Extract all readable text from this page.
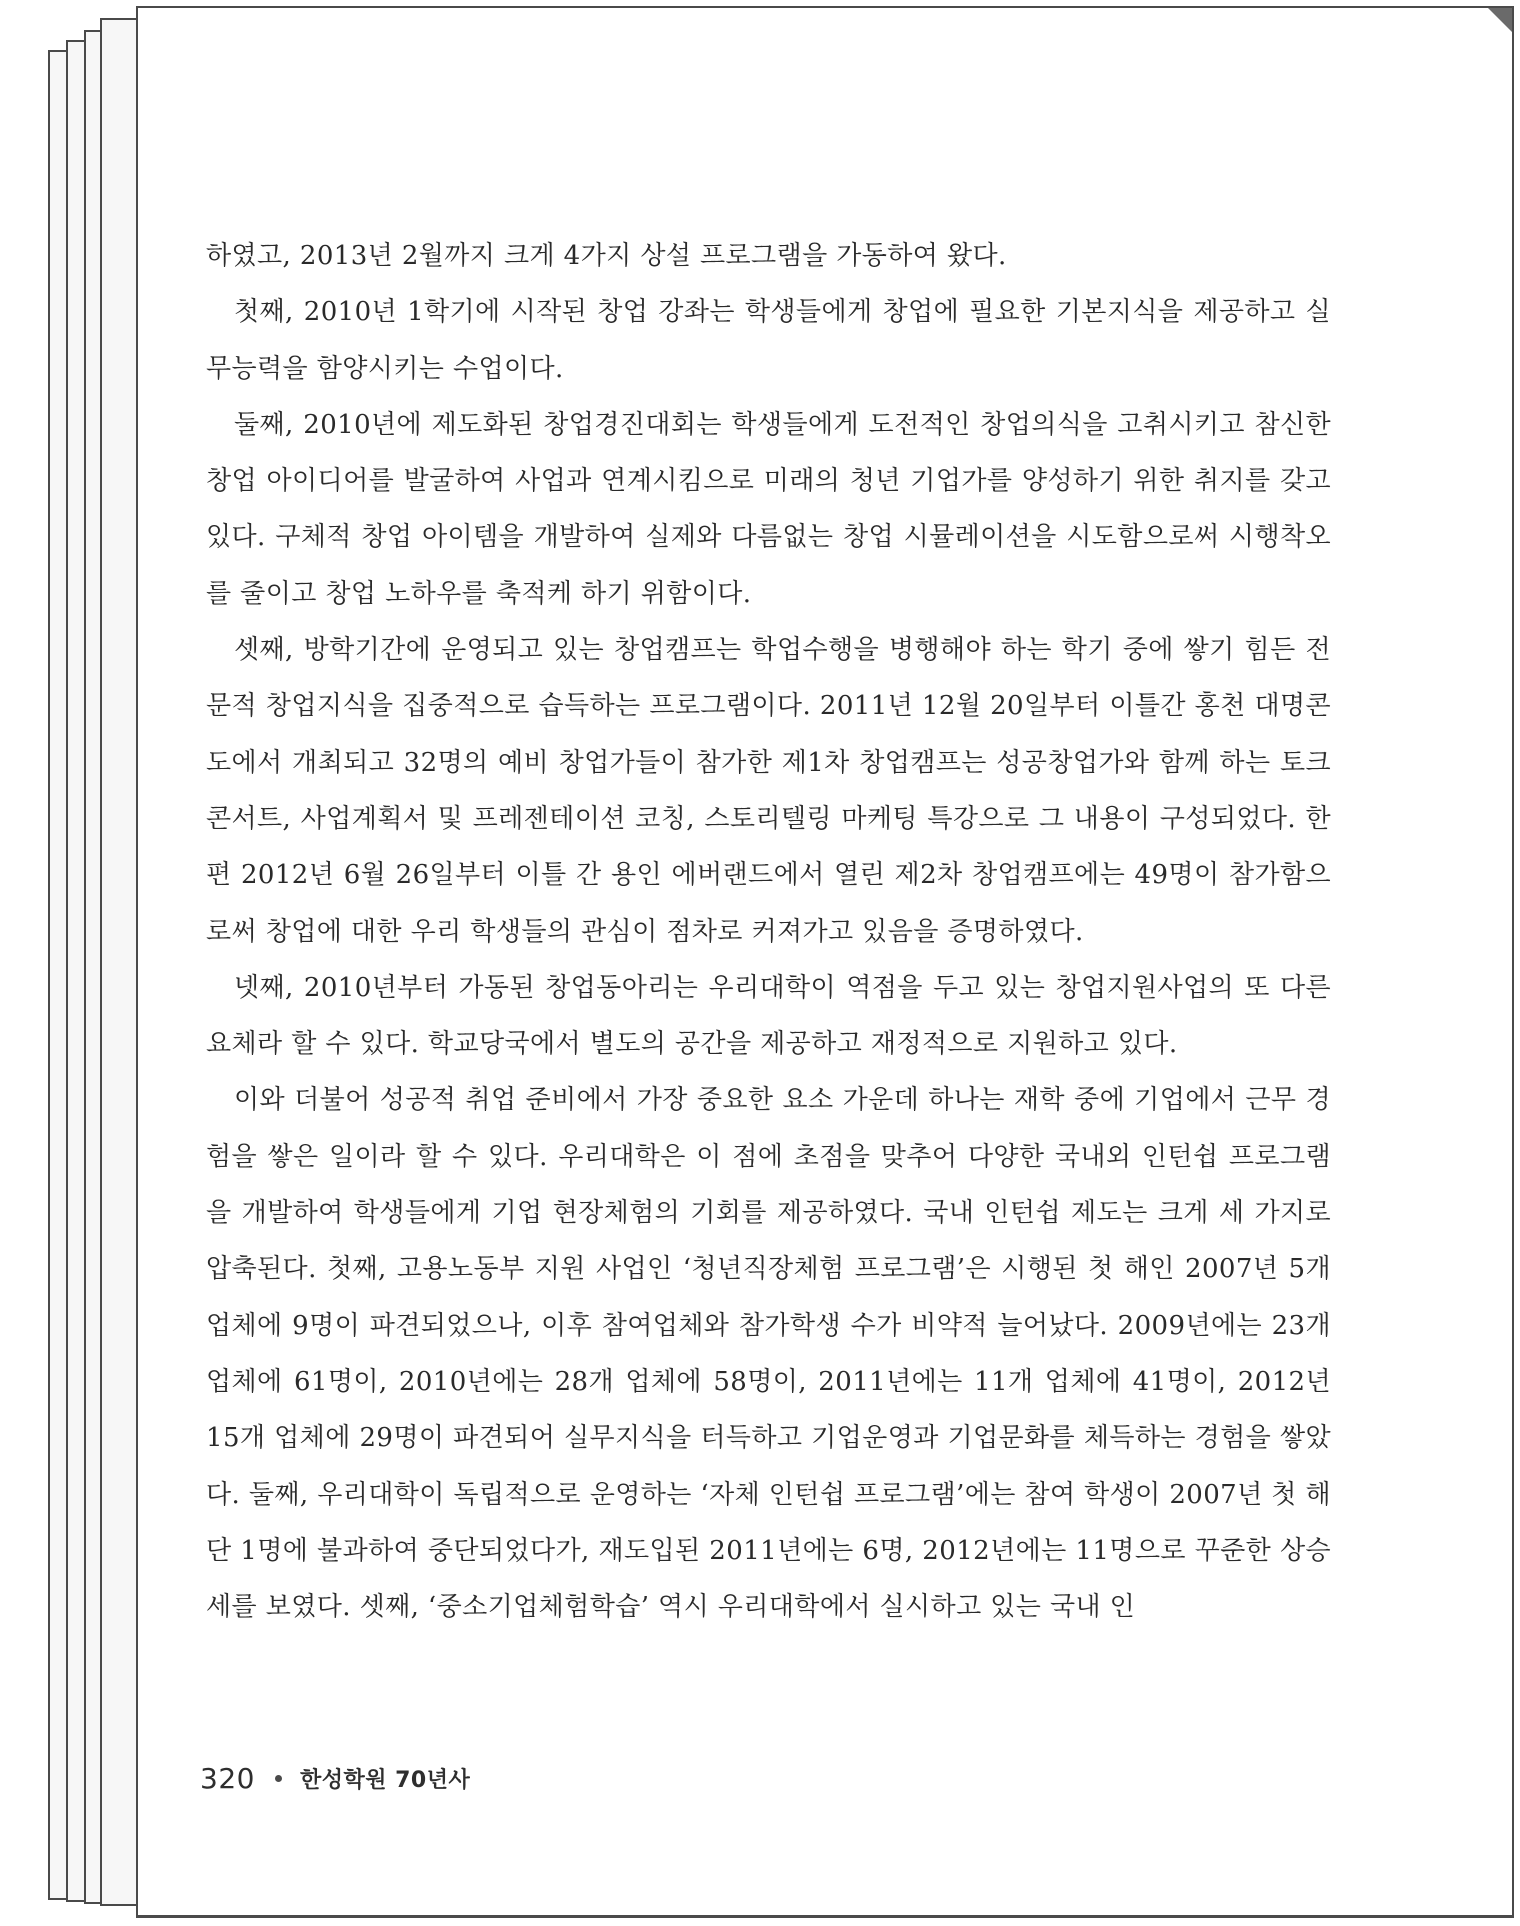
하였고, 2013년 2월까지 크게 4가지 상설 프로그램을 가동하여 왔다.

첫째, 2010년 1학기에 시작된 창업 강좌는 학생들에게 창업에 필요한 기본지식을 제공하고 실무능력을 함양시키는 수업이다.

둘째, 2010년에 제도화된 창업경진대회는 학생들에게 도전적인 창업의식을 고취시키고 참신한 창업 아이디어를 발굴하여 사업과 연계시킴으로 미래의 청년 기업가를 양성하기 위한 취지를 갖고 있다. 구체적 창업 아이템을 개발하여 실제와 다름없는 창업 시뮬레이션을 시도함으로써 시행착오를 줄이고 창업 노하우를 축적케 하기 위함이다.

셋째, 방학기간에 운영되고 있는 창업캠프는 학업수행을 병행해야 하는 학기 중에 쌓기 힘든 전문적 창업지식을 집중적으로 습득하는 프로그램이다. 2011년 12월 20일부터 이틀간 홍천 대명콘도에서 개최되고 32명의 예비 창업가들이 참가한 제1차 창업캠프는 성공창업가와 함께 하는 토크콘서트, 사업계획서 및 프레젠테이션 코칭, 스토리텔링 마케팅 특강으로 그 내용이 구성되었다. 한편 2012년 6월 26일부터 이틀 간 용인 에버랜드에서 열린 제2차 창업캠프에는 49명이 참가함으로써 창업에 대한 우리 학생들의 관심이 점차로 커져가고 있음을 증명하였다.

넷째, 2010년부터 가동된 창업동아리는 우리대학이 역점을 두고 있는 창업지원사업의 또 다른 요체라 할 수 있다. 학교당국에서 별도의 공간을 제공하고 재정적으로 지원하고 있다.

이와 더불어 성공적 취업 준비에서 가장 중요한 요소 가운데 하나는 재학 중에 기업에서 근무 경험을 쌓은 일이라 할 수 있다. 우리대학은 이 점에 초점을 맞추어 다양한 국내외 인턴쉽 프로그램을 개발하여 학생들에게 기업 현장체험의 기회를 제공하였다. 국내 인턴쉽 제도는 크게 세 가지로 압축된다. 첫째, 고용노동부 지원 사업인 ‘청년직장체험 프로그램’은 시행된 첫 해인 2007년 5개 업체에 9명이 파견되었으나, 이후 참여업체와 참가학생 수가 비약적 늘어났다. 2009년에는 23개 업체에 61명이, 2010년에는 28개 업체에 58명이, 2011년에는 11개 업체에 41명이, 2012년 15개 업체에 29명이 파견되어 실무지식을 터득하고 기업운영과 기업문화를 체득하는 경험을 쌓았다. 둘째, 우리대학이 독립적으로 운영하는 ‘자체 인턴쉽 프로그램’에는 참여 학생이 2007년 첫 해 단 1명에 불과하여 중단되었다가, 재도입된 2011년에는 6명, 2012년에는 11명으로 꾸준한 상승세를 보였다. 셋째, ‘중소기업체험학습’ 역시 우리대학에서 실시하고 있는 국내 인

320 한성학원 70년사
